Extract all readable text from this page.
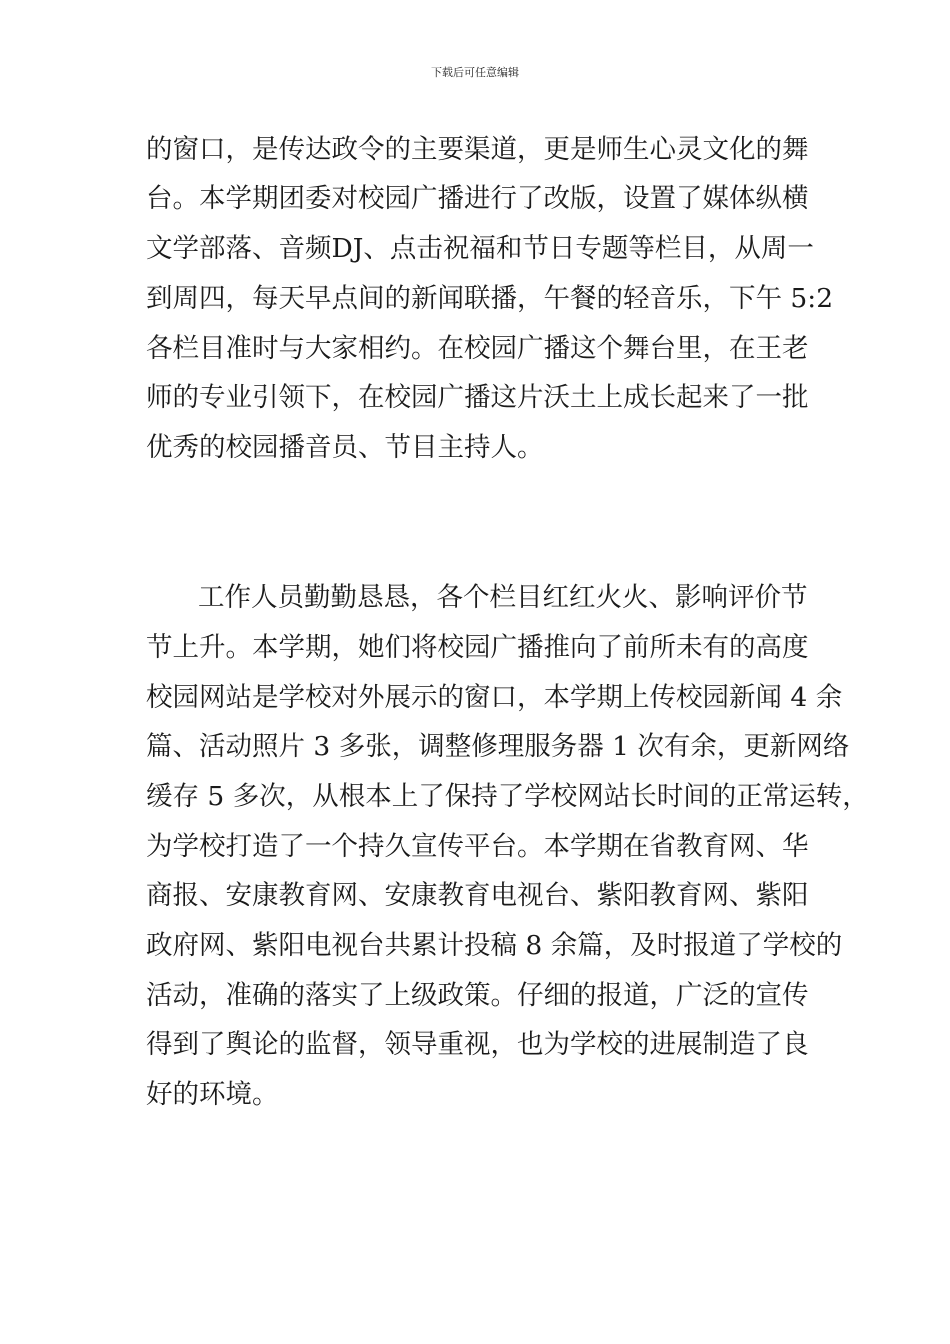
下载后可任意编辑
的窗口，是传达政令的主要渠道，更是师生心灵文化的舞
台。本学期团委对校园广播进行了改版，设置了媒体纵横
文学部落、音频DJ、点击祝福和节日专题等栏目，从周一
到周四，每天早点间的新闻联播，午餐的轻音乐，下午 5:2
各栏目准时与大家相约。在校园广播这个舞台里，在王老
师的专业引领下，在校园广播这片沃土上成长起来了一批
优秀的校园播音员、节目主持人。
工作人员勤勤恳恳，各个栏目红红火火、影响评价节
节上升。本学期，她们将校园广播推向了前所未有的高度
校园网站是学校对外展示的窗口，本学期上传校园新闻 4 余
篇、活动照片 3 多张，调整修理服务器 1 次有余，更新网络
缓存 5 多次，从根本上了保持了学校网站长时间的正常运转，
为学校打造了一个持久宣传平台。本学期在省教育网、华
商报、安康教育网、安康教育电视台、紫阳教育网、紫阳
政府网、紫阳电视台共累计投稿 8 余篇，及时报道了学校的
活动，准确的落实了上级政策。仔细的报道，广泛的宣传
得到了舆论的监督，领导重视，也为学校的进展制造了良
好的环境。
